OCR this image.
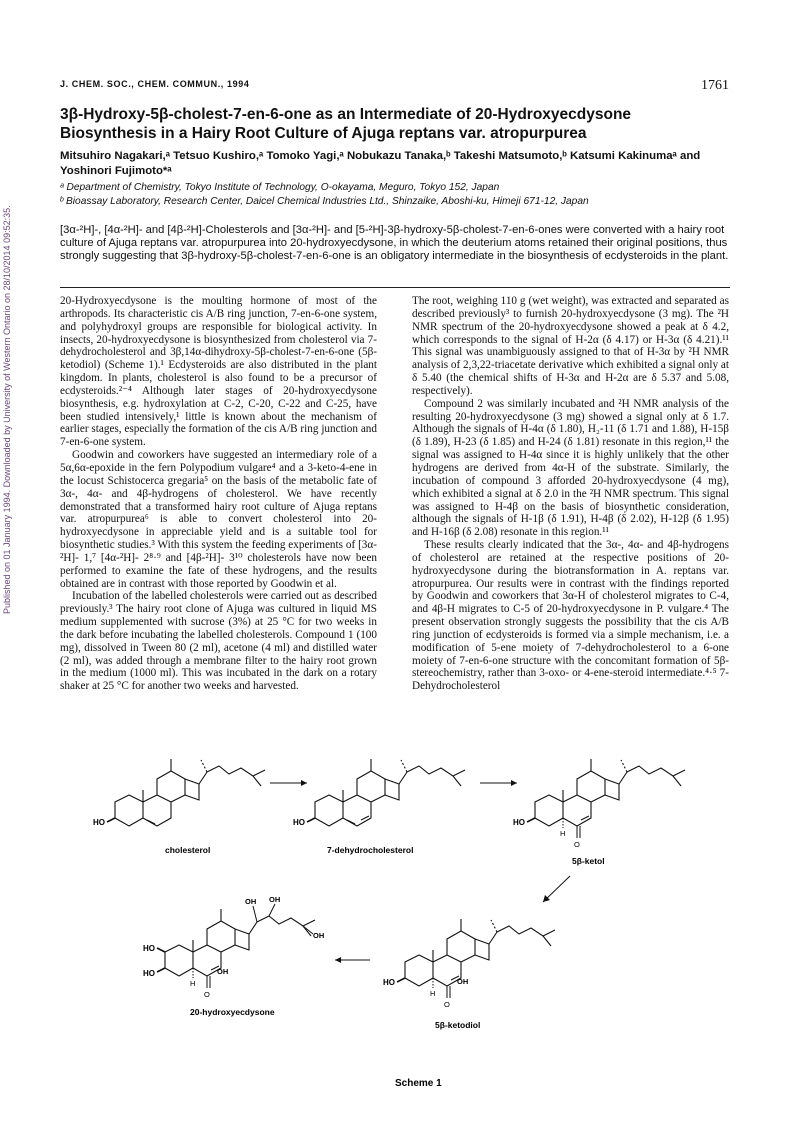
Published on 01 January 1994. Downloaded by University of Western Ontario on 28/10/2014 09:52:35.
J. CHEM. SOC., CHEM. COMMUN., 1994	1761
3β-Hydroxy-5β-cholest-7-en-6-one as an Intermediate of 20-Hydroxyecdysone Biosynthesis in a Hairy Root Culture of Ajuga reptans var. atropurpurea
Mitsuhiro Nagakari,ᵃ Tetsuo Kushiro,ᵃ Tomoko Yagi,ᵃ Nobukazu Tanaka,ᵇ Takeshi Matsumoto,ᵇ Katsumi Kakinumaᵃ and Yoshinori Fujimoto*ᵃ
ᵃ Department of Chemistry, Tokyo Institute of Technology, O-okayama, Meguro, Tokyo 152, Japan
ᵇ Bioassay Laboratory, Research Center, Daicel Chemical Industries Ltd., Shinzaike, Aboshi-ku, Himeji 671-12, Japan
[3α-²H]-, [4α-²H]- and [4β-²H]-Cholesterols and [3α-²H]- and [5-²H]-3β-hydroxy-5β-cholest-7-en-6-ones were converted with a hairy root culture of Ajuga reptans var. atropurpurea into 20-hydroxyecdysone, in which the deuterium atoms retained their original positions, thus strongly suggesting that 3β-hydroxy-5β-cholest-7-en-6-one is an obligatory intermediate in the biosynthesis of ecdysteroids in the plant.

20-Hydroxyecdysone is the moulting hormone of most of the arthropods. Its characteristic cis A/B ring junction, 7-en-6-one system, and polyhydroxyl groups are responsible for biological activity. In insects, 20-hydroxyecdysone is biosynthesized from cholesterol via 7-dehydrocholesterol and 3β,14α-dihydroxy-5β-cholest-7-en-6-one (5β-ketodiol) (Scheme 1).¹ Ecdysteroids are also distributed in the plant kingdom. In plants, cholesterol is also found to be a precursor of ecdysteroids.²⁻⁴ Although later stages of 20-hydroxyecdysone biosynthesis, e.g. hydroxylation at C-2, C-20, C-22 and C-25, have been studied intensively,¹ little is known about the mechanism of earlier stages, especially the formation of the cis A/B ring junction and 7-en-6-one system.

Goodwin and coworkers have suggested an intermediary role of a 5α,6α-epoxide in the fern Polypodium vulgare⁴ and a 3-keto-4-ene in the locust Schistocerca gregaria⁵ on the basis of the metabolic fate of 3α-, 4α- and 4β-hydrogens of cholesterol. We have recently demonstrated that a transformed hairy root culture of Ajuga reptans var. atropurpurea⁶ is able to convert cholesterol into 20-hydroxyecdysone in appreciable yield and is a suitable tool for biosynthetic studies.³ With this system the feeding experiments of [3α-²H]- 1,⁷ [4α-²H]- 2⁸·⁹ and [4β-²H]- 3¹⁰ cholesterols have now been performed to examine the fate of these hydrogens, and the results obtained are in contrast with those reported by Goodwin et al.

Incubation of the labelled cholesterols were carried out as described previously.³ The hairy root clone of Ajuga was cultured in liquid MS medium supplemented with sucrose (3%) at 25 °C for two weeks in the dark before incubating the labelled cholesterols. Compound 1 (100 mg), dissolved in Tween 80 (2 ml), acetone (4 ml) and distilled water (2 ml), was added through a membrane filter to the hairy root grown in the medium (1000 ml). This was incubated in the dark on a rotary shaker at 25 °C for another two weeks and harvested.

The root, weighing 110 g (wet weight), was extracted and separated as described previously³ to furnish 20-hydroxyecdysone (3 mg). The ²H NMR spectrum of the 20-hydroxyecdysone showed a peak at δ 4.2, which corresponds to the signal of H-2α (δ 4.17) or H-3α (δ 4.21).¹¹ This signal was unambiguously assigned to that of H-3α by ²H NMR analysis of 2,3,22-triacetate derivative which exhibited a signal only at δ 5.40 (the chemical shifts of H-3α and H-2α are δ 5.37 and 5.08, respectively).

Compound 2 was similarly incubated and ²H NMR analysis of the resulting 20-hydroxyecdysone (3 mg) showed a signal only at δ 1.7. Although the signals of H-4α (δ 1.80), H₂-11 (δ 1.71 and 1.88), H-15β (δ 1.89), H-23 (δ 1.85) and H-24 (δ 1.81) resonate in this region,¹¹ the signal was assigned to H-4α since it is highly unlikely that the other hydrogens are derived from 4α-H of the substrate. Similarly, the incubation of compound 3 afforded 20-hydroxyecdysone (4 mg), which exhibited a signal at δ 2.0 in the ²H NMR spectrum. This signal was assigned to H-4β on the basis of biosynthetic consideration, although the signals of H-1β (δ 1.91), H-4β (δ 2.02), H-12β (δ 1.95) and H-16β (δ 2.08) resonate in this region.¹¹

These results clearly indicated that the 3α-, 4α- and 4β-hydrogens of cholesterol are retained at the respective positions of 20-hydroxyecdysone during the biotransformation in A. reptans var. atropurpurea. Our results were in contrast with the findings reported by Goodwin and coworkers that 3α-H of cholesterol migrates to C-4, and 4β-H migrates to C-5 of 20-hydroxyecdysone in P. vulgare.⁴ The present observation strongly suggests the possibility that the cis A/B ring junction of ecdysteroids is formed via a simple mechanism, i.e. a modification of 5-ene moiety of 7-dehydrocholesterol to a 6-one moiety of 7-en-6-one structure with the concomitant formation of 5β-stereochemistry, rather than 3-oxo- or 4-ene-steroid intermediate.⁴·⁵ 7-Dehydrocholesterol

HO
cholesterol
HO
7-dehydrocholesterol
HO
H
O
5β-ketol
HO	OH
H
O
5β-ketodiol
HO
HO
OH OH
OH
OH
H
O
20-hydroxyecdysone
Scheme 1
